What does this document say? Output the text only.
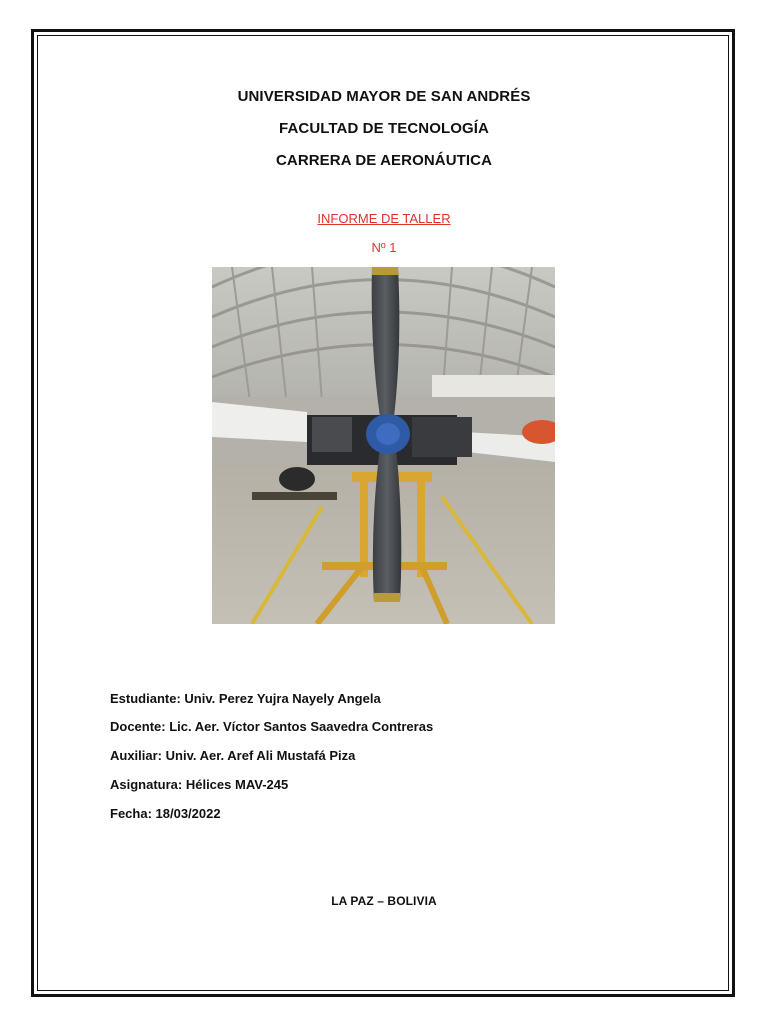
UNIVERSIDAD MAYOR DE SAN ANDRÉS
FACULTAD DE TECNOLOGÍA
CARRERA DE AERONÁUTICA
INFORME DE TALLER
Nº 1
Estudiante: Univ. Perez Yujra Nayely Angela
Docente: Lic. Aer. Víctor Santos Saavedra Contreras
Auxiliar: Univ. Aer. Aref Ali Mustafá Piza
Asignatura: Hélices MAV-245
Fecha: 18/03/2022
LA PAZ – BOLIVIA
